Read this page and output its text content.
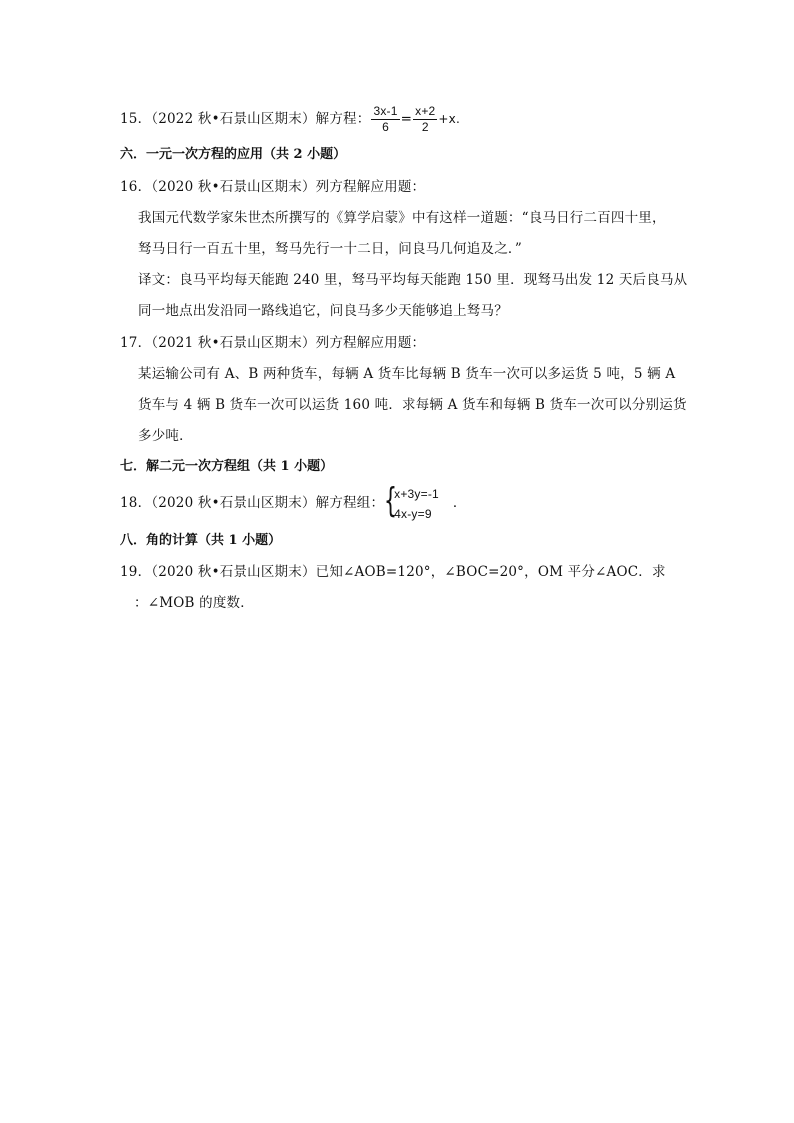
15．（2022 秋•石景山区期末）解方程： $\frac{3x-1}{6} = \frac{x+2}{2} +x$.
六．一元一次方程的应用（共 2 小题）
16．（2020 秋•石景山区期末）列方程解应用题：
我国元代数学家朱世杰所撰写的《算学启蒙》中有这样一道题：“良马日行二百四十里，
驽马日行一百五十里，驽马先行一十二日，问良马几何追及之．”
译文：良马平均每天能跑 240 里，驽马平均每天能跑 150 里．现驽马出发 12 天后良马从
同一地点出发沿同一路线追它，问良马多少天能够追上驽马？
17．（2021 秋•石景山区期末）列方程解应用题：
某运输公司有 A、B 两种货车，每辆 A 货车比每辆 B 货车一次可以多运货 5 吨，5 辆 A
货车与 4 辆 B 货车一次可以运货 160 吨．求每辆 A 货车和每辆 B 货车一次可以分别运货
多少吨．
七．解二元一次方程组（共 1 小题）
18．（2020 秋•石景山区期末）解方程组： {
x+3y=-1
4x-y=9
．
八．角的计算（共 1 小题）
19．（2020 秋•石景山区期末）已知∠AOB=120°，∠BOC=20°，OM 平分∠AOC．求
：∠MOB 的度数．
